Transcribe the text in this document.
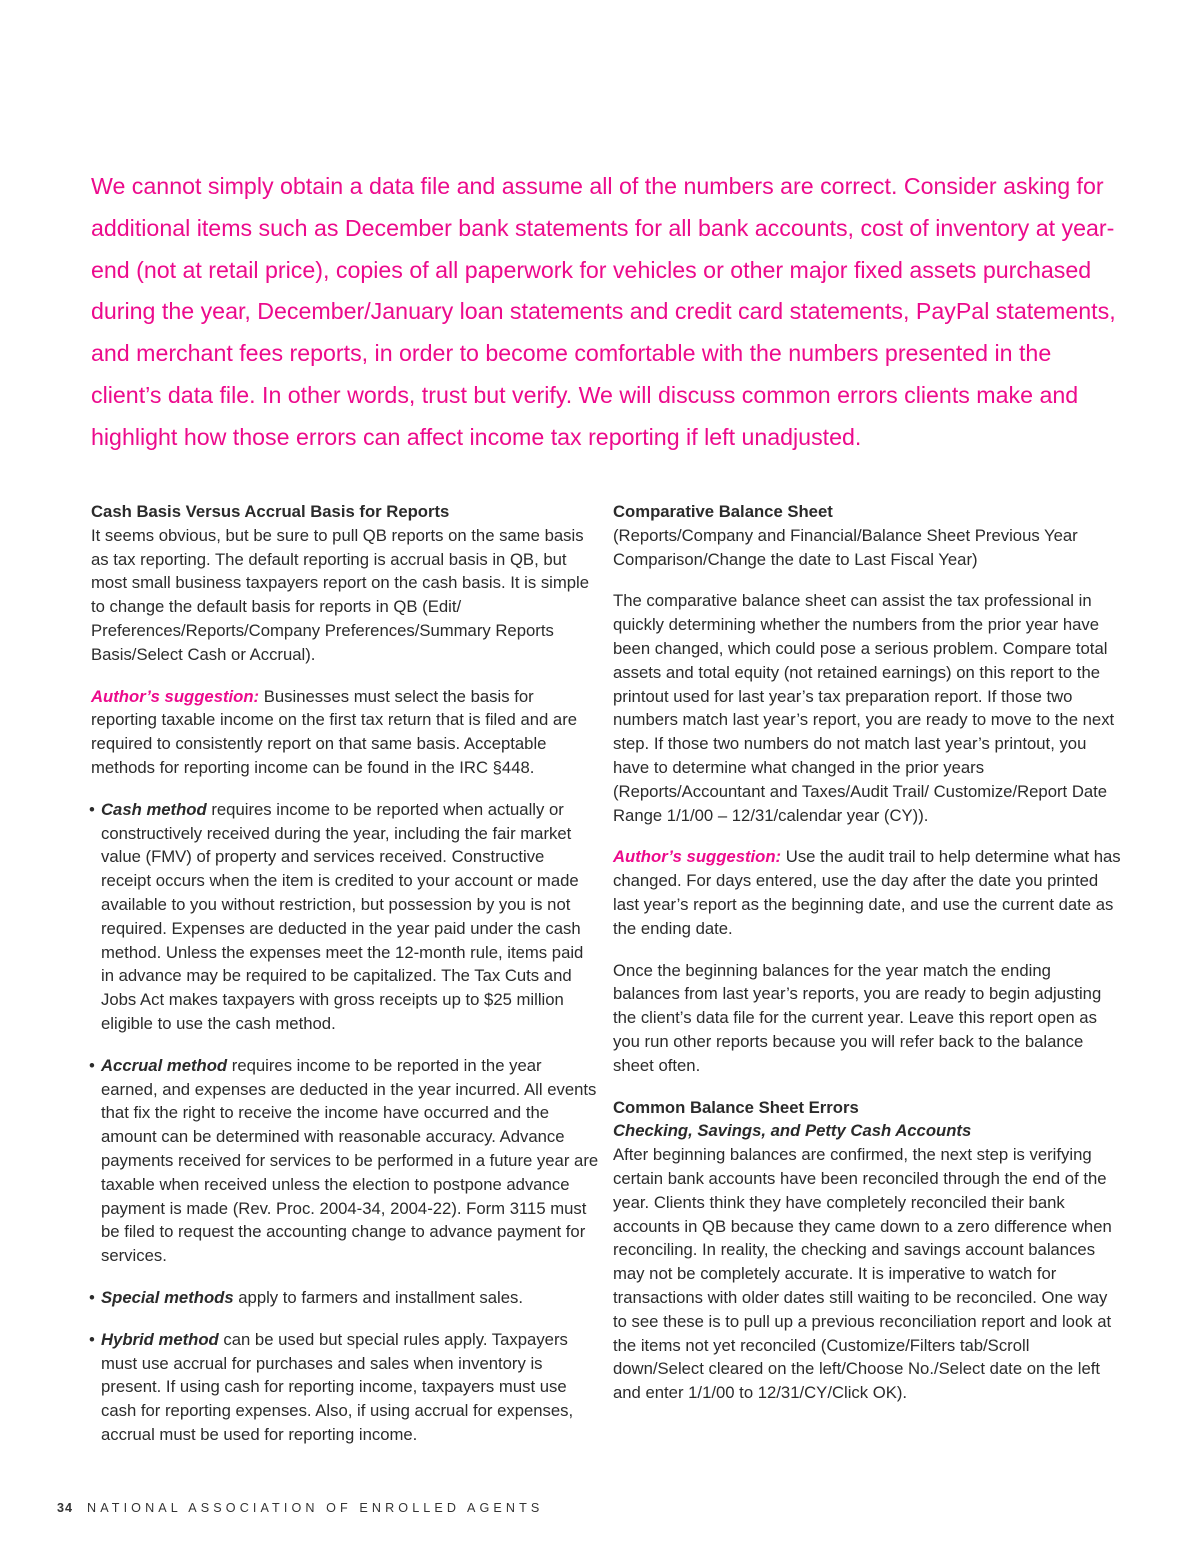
We cannot simply obtain a data file and assume all of the numbers are correct. Consider asking for additional items such as December bank statements for all bank accounts, cost of inventory at year-end (not at retail price), copies of all paperwork for vehicles or other major fixed assets purchased during the year, December/January loan statements and credit card statements, PayPal statements, and merchant fees reports, in order to become comfortable with the numbers presented in the client’s data file. In other words, trust but verify. We will discuss common errors clients make and highlight how those errors can affect income tax reporting if left unadjusted.

Cash Basis Versus Accrual Basis for Reports

It seems obvious, but be sure to pull QB reports on the same basis as tax reporting. The default reporting is accrual basis in QB, but most small business taxpayers report on the cash basis. It is simple to change the default basis for reports in QB (Edit/ Preferences/Reports/Company Preferences/Summary Reports Basis/Select Cash or Accrual).

Author’s suggestion: Businesses must select the basis for reporting taxable income on the first tax return that is filed and are required to consistently report on that same basis. Acceptable methods for reporting income can be found in the IRC §448.

• Cash method requires income to be reported when actually or constructively received during the year, including the fair market value (FMV) of property and services received. Constructive receipt occurs when the item is credited to your account or made available to you without restriction, but possession by you is not required. Expenses are deducted in the year paid under the cash method. Unless the expenses meet the 12-month rule, items paid in advance may be required to be capitalized. The Tax Cuts and Jobs Act makes taxpayers with gross receipts up to $25 million eligible to use the cash method.
• Accrual method requires income to be reported in the year earned, and expenses are deducted in the year incurred. All events that fix the right to receive the income have occurred and the amount can be determined with reasonable accuracy. Advance payments received for services to be performed in a future year are taxable when received unless the election to postpone advance payment is made (Rev. Proc. 2004-34, 2004-22). Form 3115 must be filed to request the accounting change to advance payment for services.
• Special methods apply to farmers and installment sales.
• Hybrid method can be used but special rules apply. Taxpayers must use accrual for purchases and sales when inventory is present. If using cash for reporting income, taxpayers must use cash for reporting expenses. Also, if using accrual for expenses, accrual must be used for reporting income.
Comparative Balance Sheet

(Reports/Company and Financial/Balance Sheet Previous Year Comparison/Change the date to Last Fiscal Year)

The comparative balance sheet can assist the tax professional in quickly determining whether the numbers from the prior year have been changed, which could pose a serious problem. Compare total assets and total equity (not retained earnings) on this report to the printout used for last year’s tax preparation report. If those two numbers match last year’s report, you are ready to move to the next step. If those two numbers do not match last year’s printout, you have to determine what changed in the prior years (Reports/Accountant and Taxes/Audit Trail/ Customize/Report Date Range 1/1/00 – 12/31/calendar year (CY)).

Author’s suggestion: Use the audit trail to help determine what has changed. For days entered, use the day after the date you printed last year’s report as the beginning date, and use the current date as the ending date.

Once the beginning balances for the year match the ending balances from last year’s reports, you are ready to begin adjusting the client’s data file for the current year. Leave this report open as you run other reports because you will refer back to the balance sheet often.

Common Balance Sheet Errors
Checking, Savings, and Petty Cash Accounts

After beginning balances are confirmed, the next step is verifying certain bank accounts have been reconciled through the end of the year. Clients think they have completely reconciled their bank accounts in QB because they came down to a zero difference when reconciling. In reality, the checking and savings account balances may not be completely accurate. It is imperative to watch for transactions with older dates still waiting to be reconciled. One way to see these is to pull up a previous reconciliation report and look at the items not yet reconciled (Customize/Filters tab/Scroll down/Select cleared on the left/Choose No./Select date on the left and enter 1/1/00 to 12/31/CY/Click OK).

34 NATIONAL ASSOCIATION OF ENROLLED AGENTS
